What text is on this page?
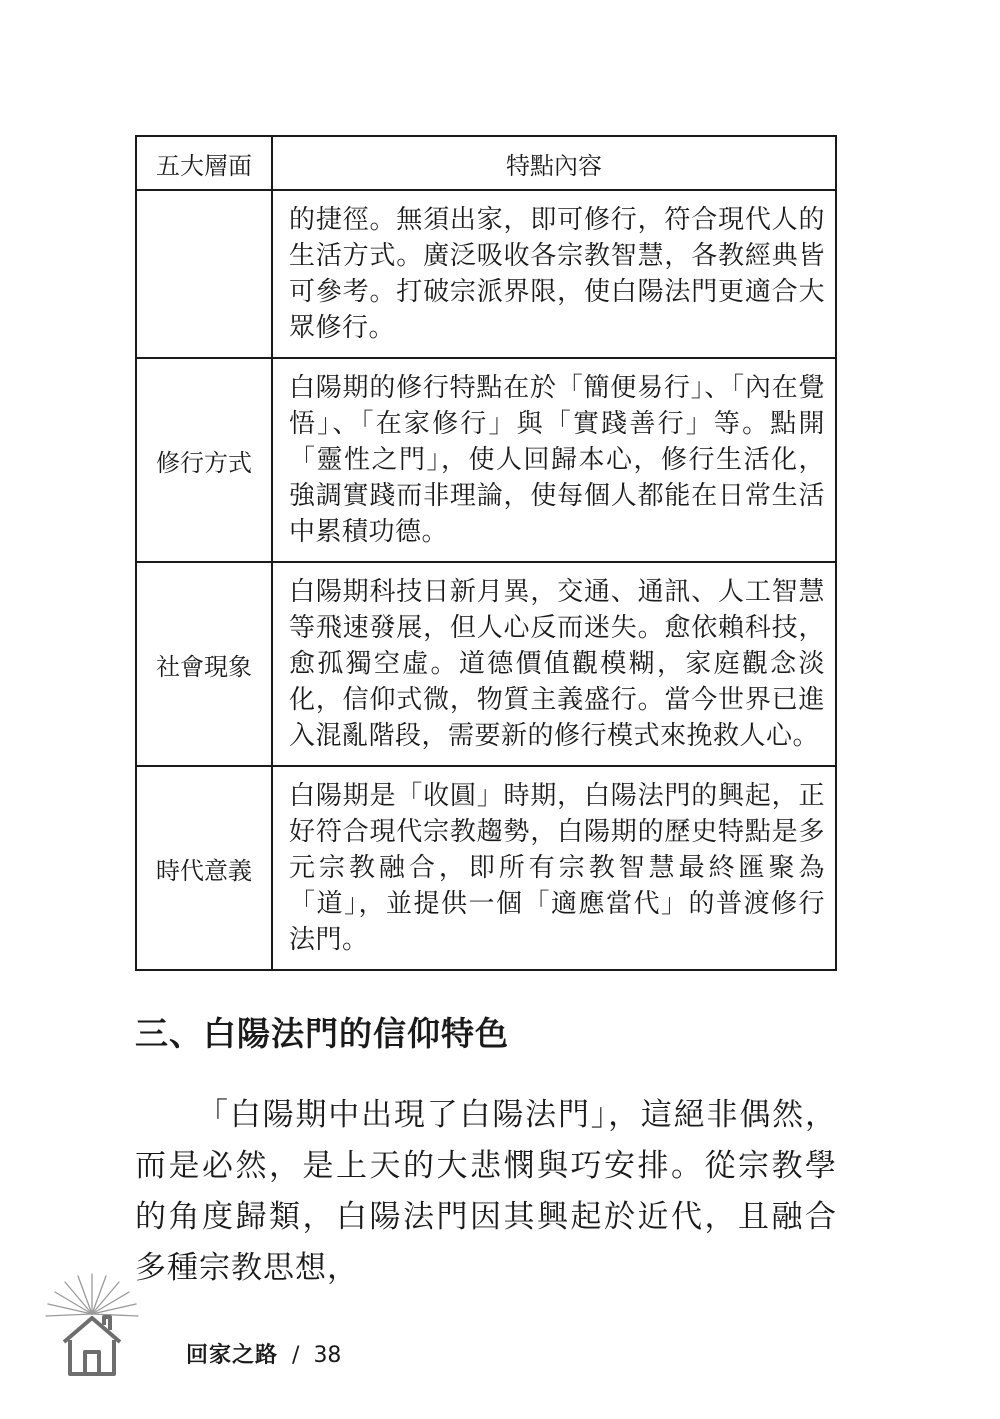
五大層面	特點內容
	的捷徑。無須出家，即可修行，符合現代人的生活方式。廣泛吸收各宗教智慧，各教經典皆可參考。打破宗派界限，使白陽法門更適合大眾修行。
修行方式	白陽期的修行特點在於「簡便易行」、「內在覺悟」、「在家修行」與「實踐善行」等。點開「靈性之門」，使人回歸本心，修行生活化，強調實踐而非理論，使每個人都能在日常生活中累積功德。
社會現象	白陽期科技日新月異，交通、通訊、人工智慧等飛速發展，但人心反而迷失。愈依賴科技，愈孤獨空虛。道德價值觀模糊，家庭觀念淡化，信仰式微，物質主義盛行。當今世界已進入混亂階段，需要新的修行模式來挽救人心。
時代意義	白陽期是「收圓」時期，白陽法門的興起，正好符合現代宗教趨勢，白陽期的歷史特點是多元宗教融合，即所有宗教智慧最終匯聚為「道」，並提供一個「適應當代」的普渡修行法門。
三、白陽法門的信仰特色

「白陽期中出現了白陽法門」，這絕非偶然，而是必然，是上天的大悲憫與巧安排。從宗教學的角度歸類，白陽法門因其興起於近代，且融合多種宗教思想，

回家之路 / 38
